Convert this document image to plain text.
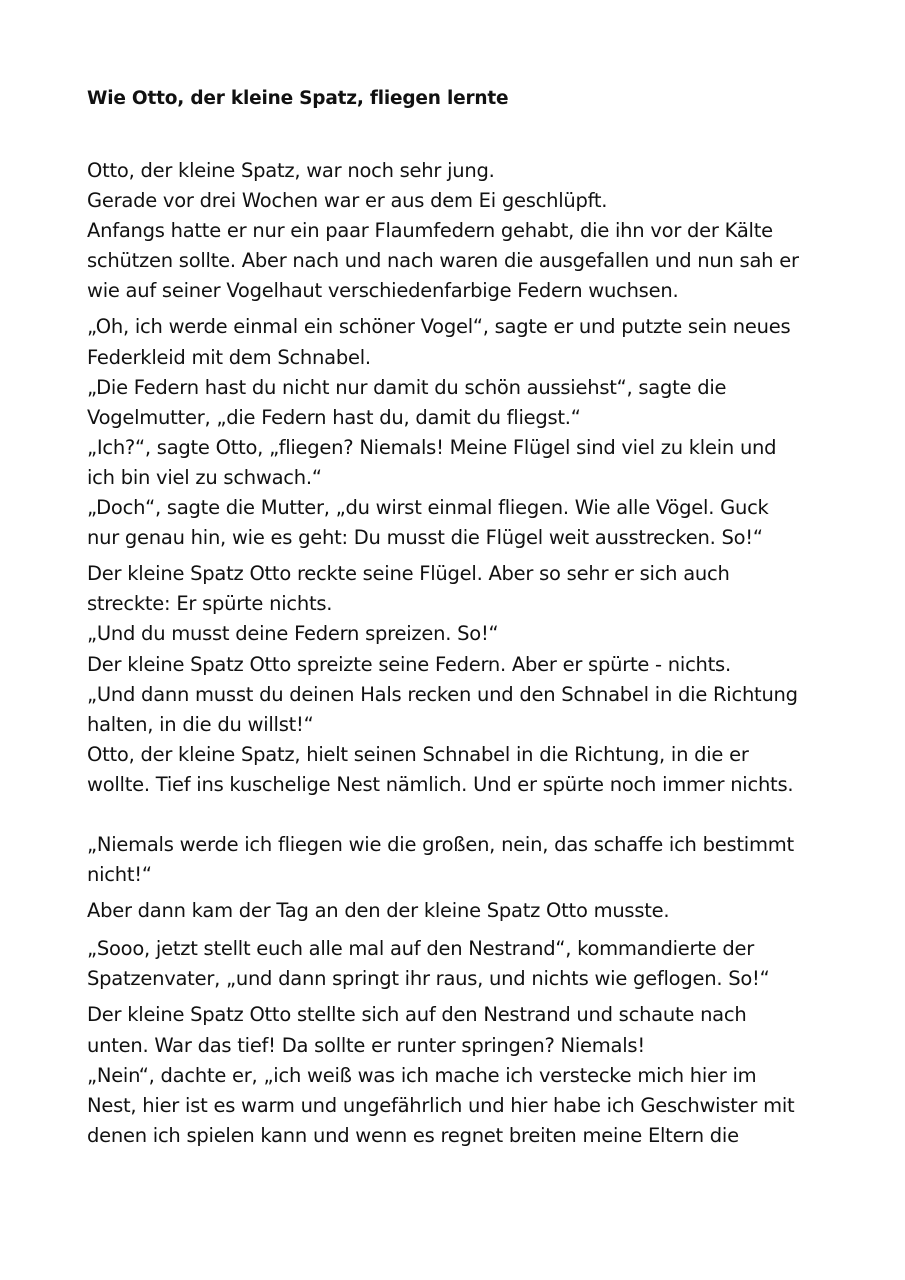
Wie Otto, der kleine Spatz, fliegen lernte

Otto, der kleine Spatz, war noch sehr jung.
Gerade vor drei Wochen war er aus dem Ei geschlüpft.
Anfangs hatte er nur ein paar Flaumfedern gehabt, die ihn vor der Kälte
schützen sollte. Aber nach und nach waren die ausgefallen und nun sah er
wie auf seiner Vogelhaut verschiedenfarbige Federn wuchsen.

„Oh, ich werde einmal ein schöner Vogel“, sagte er und putzte sein neues
Federkleid mit dem Schnabel.
„Die Federn hast du nicht nur damit du schön aussiehst“, sagte die
Vogelmutter, „die Federn hast du, damit du fliegst.“
„Ich?“, sagte Otto, „fliegen? Niemals! Meine Flügel sind viel zu klein und
ich bin viel zu schwach.“
„Doch“, sagte die Mutter, „du wirst einmal fliegen. Wie alle Vögel. Guck
nur genau hin, wie es geht: Du musst die Flügel weit ausstrecken. So!“

Der kleine Spatz Otto reckte seine Flügel. Aber so sehr er sich auch
streckte: Er spürte nichts.
„Und du musst deine Federn spreizen. So!“
Der kleine Spatz Otto spreizte seine Federn. Aber er spürte - nichts.
„Und dann musst du deinen Hals recken und den Schnabel in die Richtung
halten, in die du willst!“
Otto, der kleine Spatz, hielt seinen Schnabel in die Richtung, in die er
wollte. Tief ins kuschelige Nest nämlich. Und er spürte noch immer nichts.

„Niemals werde ich fliegen wie die großen, nein, das schaffe ich bestimmt
nicht!“

Aber dann kam der Tag an den der kleine Spatz Otto musste.

„Sooo, jetzt stellt euch alle mal auf den Nestrand“, kommandierte der
Spatzenvater, „und dann springt ihr raus, und nichts wie geflogen. So!“

Der kleine Spatz Otto stellte sich auf den Nestrand und schaute nach
unten. War das tief! Da sollte er runter springen? Niemals!
„Nein“, dachte er, „ich weiß was ich mache ich verstecke mich hier im
Nest, hier ist es warm und ungefährlich und hier habe ich Geschwister mit
denen ich spielen kann und wenn es regnet breiten meine Eltern die
